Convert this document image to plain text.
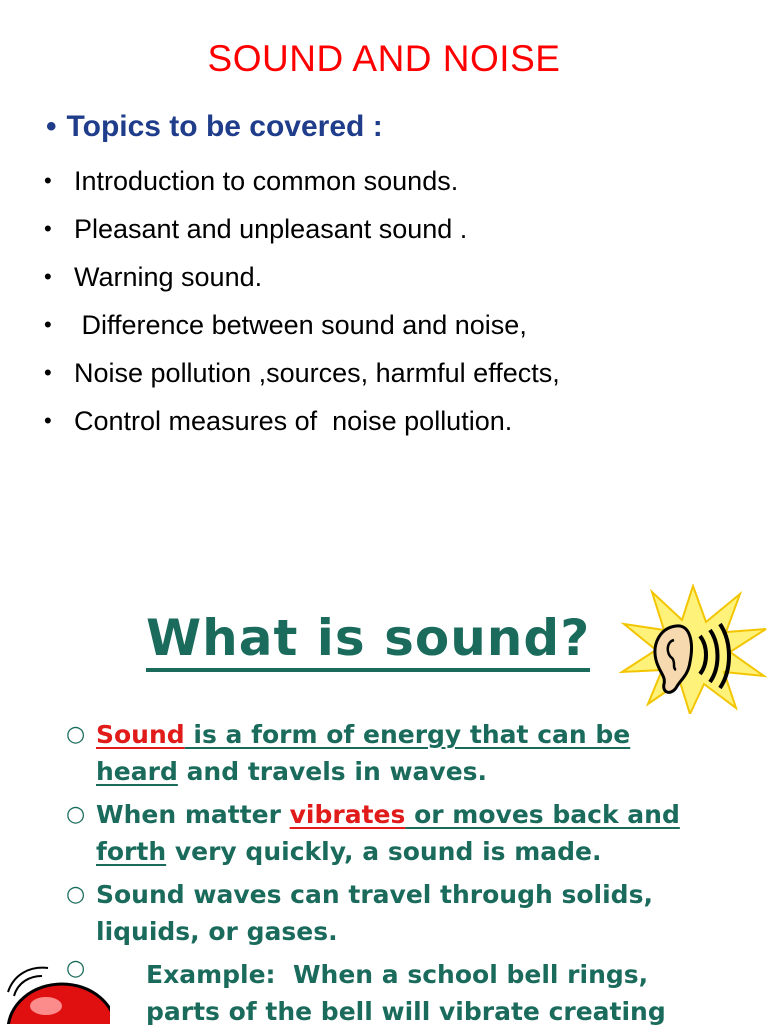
SOUND AND NOISE
• Topics to be covered :
• Introduction to common sounds.
• Pleasant and unpleasant sound .
• Warning sound.
• Difference between sound and noise,
• Noise pollution ,sources, harmful effects,
• Control measures of  noise pollution.
What is sound?
○ Sound is a form of energy that can be
heard and travels in waves.
○ When matter vibrates or moves back and
forth very quickly, a sound is made.
○ Sound waves can travel through solids,
liquids, or gases.
○	Example:  When a school bell rings,
parts of the bell will vibrate creating
